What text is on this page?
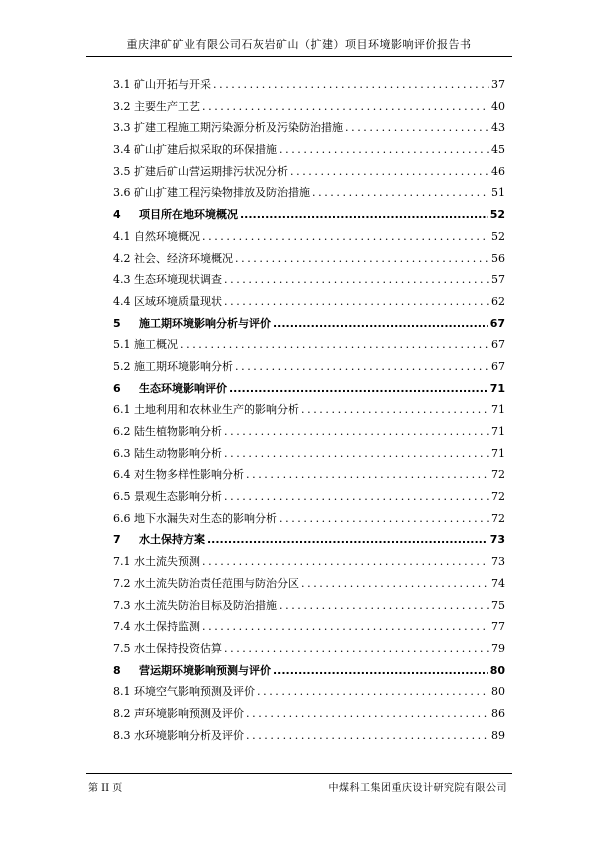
重庆津矿矿业有限公司石灰岩矿山（扩建）项目环境影响评价报告书
3.1 矿山开拓与开采 .....	37
3.2 主要生产工艺 .....	40
3.3 扩建工程施工期污染源分析及污染防治措施 .....	43
3.4 矿山扩建后拟采取的环保措施 .....	45
3.5 扩建后矿山营运期排污状况分析 .....	46
3.6 矿山扩建工程污染物排放及防治措施 .....	51
4 项目所在地环境概况 .....	52
4.1 自然环境概况 .....	52
4.2 社会、经济环境概况 .....	56
4.3 生态环境现状调查 .....	57
4.4 区域环境质量现状 .....	62
5 施工期环境影响分析与评价 .....	67
5.1 施工概况 .....	67
5.2 施工期环境影响分析 .....	67
6 生态环境影响评价 .....	71
6.1 土地利用和农林业生产的影响分析 .....	71
6.2 陆生植物影响分析 .....	71
6.3 陆生动物影响分析 .....	71
6.4 对生物多样性影响分析 .....	72
6.5 景观生态影响分析 .....	72
6.6 地下水漏失对生态的影响分析 .....	72
7 水土保持方案 .....	73
7.1 水土流失预测 .....	73
7.2 水土流失防治责任范围与防治分区 .....	74
7.3 水土流失防治目标及防治措施 .....	75
7.4 水土保持监测 .....	77
7.5 水土保持投资估算 .....	79
8 营运期环境影响预测与评价 .....	80
8.1 环境空气影响预测及评价 .....	80
8.2 声环境影响预测及评价 .....	86
8.3 水环境影响分析及评价 .....	89
第 II 页	中煤科工集团重庆设计研究院有限公司
